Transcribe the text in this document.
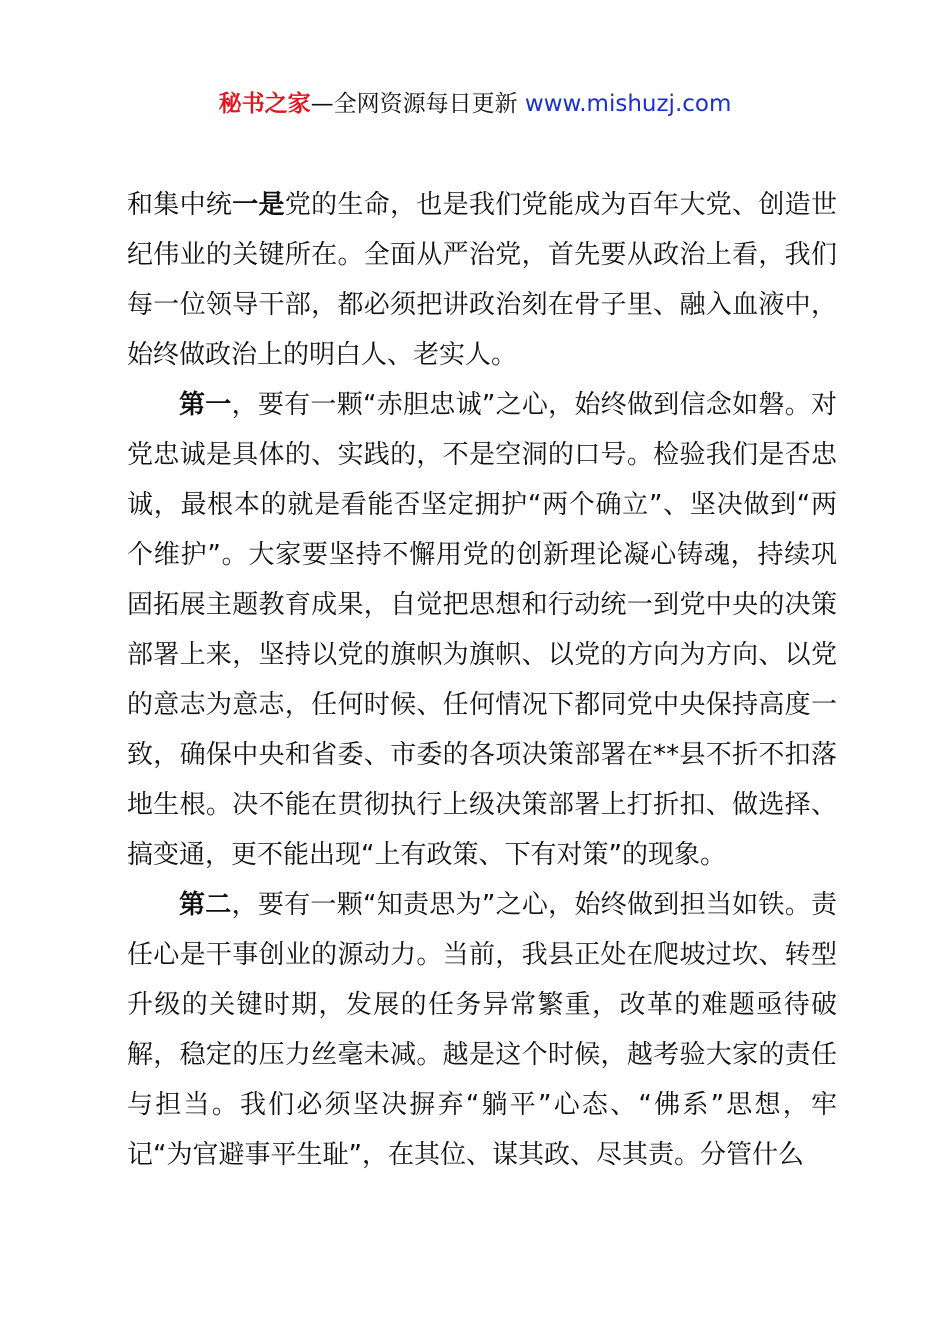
秘书之家—全网资源每日更新 www.mishuzj.com

和集中统一是党的生命，也是我们党能成为百年大党、创造世纪伟业的关键所在。全面从严治党，首先要从政治上看，我们每一位领导干部，都必须把讲政治刻在骨子里、融入血液中，始终做政治上的明白人、老实人。

第一，要有一颗“赤胆忠诚”之心，始终做到信念如磐。对党忠诚是具体的、实践的，不是空洞的口号。检验我们是否忠诚，最根本的就是看能否坚定拥护“两个确立”、坚决做到“两个维护”。大家要坚持不懈用党的创新理论凝心铸魂，持续巩固拓展主题教育成果，自觉把思想和行动统一到党中央的决策部署上来，坚持以党的旗帜为旗帜、以党的方向为方向、以党的意志为意志，任何时候、任何情况下都同党中央保持高度一致，确保中央和省委、市委的各项决策部署在**县不折不扣落地生根。决不能在贯彻执行上级决策部署上打折扣、做选择、搞变通，更不能出现“上有政策、下有对策”的现象。

第二，要有一颗“知责思为”之心，始终做到担当如铁。责任心是干事创业的源动力。当前，我县正处在爬坡过坎、转型升级的关键时期，发展的任务异常繁重，改革的难题亟待破解，稳定的压力丝毫未减。越是这个时候，越考验大家的责任与担当。我们必须坚决摒弃“躺平”心态、“佛系”思想，牢记“为官避事平生耻”，在其位、谋其政、尽其责。分管什么
